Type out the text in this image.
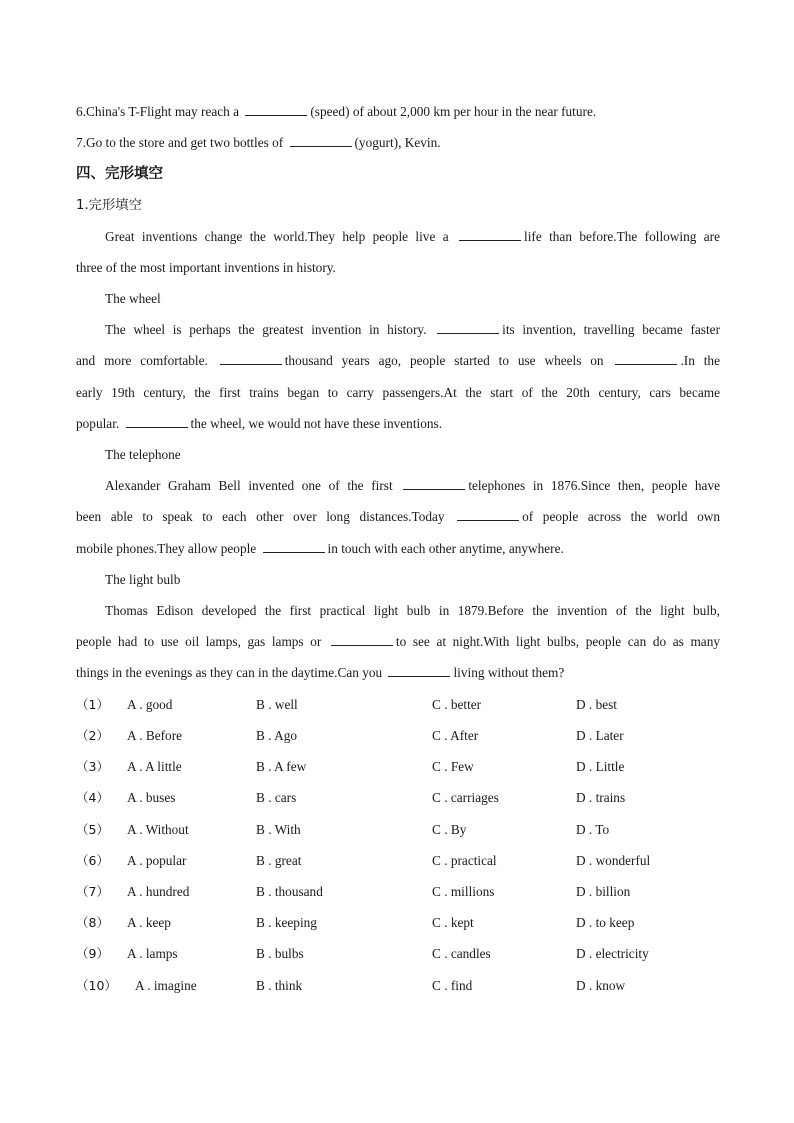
6.China's T-Flight may reach a	(speed) of about 2,000 km per hour in the near future.
7.Go to the store and get two bottles of	(yogurt), Kevin.
四、完形填空
1.完形填空
Great inventions change the world.They help people live a	life than before.The following are
three of the most important inventions in history.
The wheel
The wheel is perhaps the greatest invention in history.	its invention, travelling became faster
and more comfortable.	thousand years ago, people started to use wheels on	.In the
early 19th century, the first trains began to carry passengers.At the start of the 20th century, cars became
popular.	the wheel, we would not have these inventions.
The telephone
Alexander Graham Bell invented one of the first	telephones in 1876.Since then, people have
been able to speak to each other over long distances.Today	of people across the world own
mobile phones.They allow people	in touch with each other anytime, anywhere.
The light bulb
Thomas Edison developed the first practical light bulb in 1879.Before the invention of the light bulb,
people had to use oil lamps, gas lamps or	to see at night.With light bulbs, people can do as many
things in the evenings as they can in the daytime.Can you	living without them?
（1） A . good	B . well	C . better	D . best
（2） A . Before	B . Ago	C . After	D . Later
（3） A . A little	B . A few	C . Few	D . Little
（4） A . buses	B . cars	C . carriages	D . trains
（5） A . Without	B . With	C . By	D . To
（6） A . popular	B . great	C . practical	D . wonderful
（7） A . hundred	B . thousand	C . millions	D . billion
（8） A . keep	B . keeping	C . kept	D . to keep
（9） A . lamps	B . bulbs	C . candles	D . electricity
（10） A . imagine	B . think	C . find	D . know
